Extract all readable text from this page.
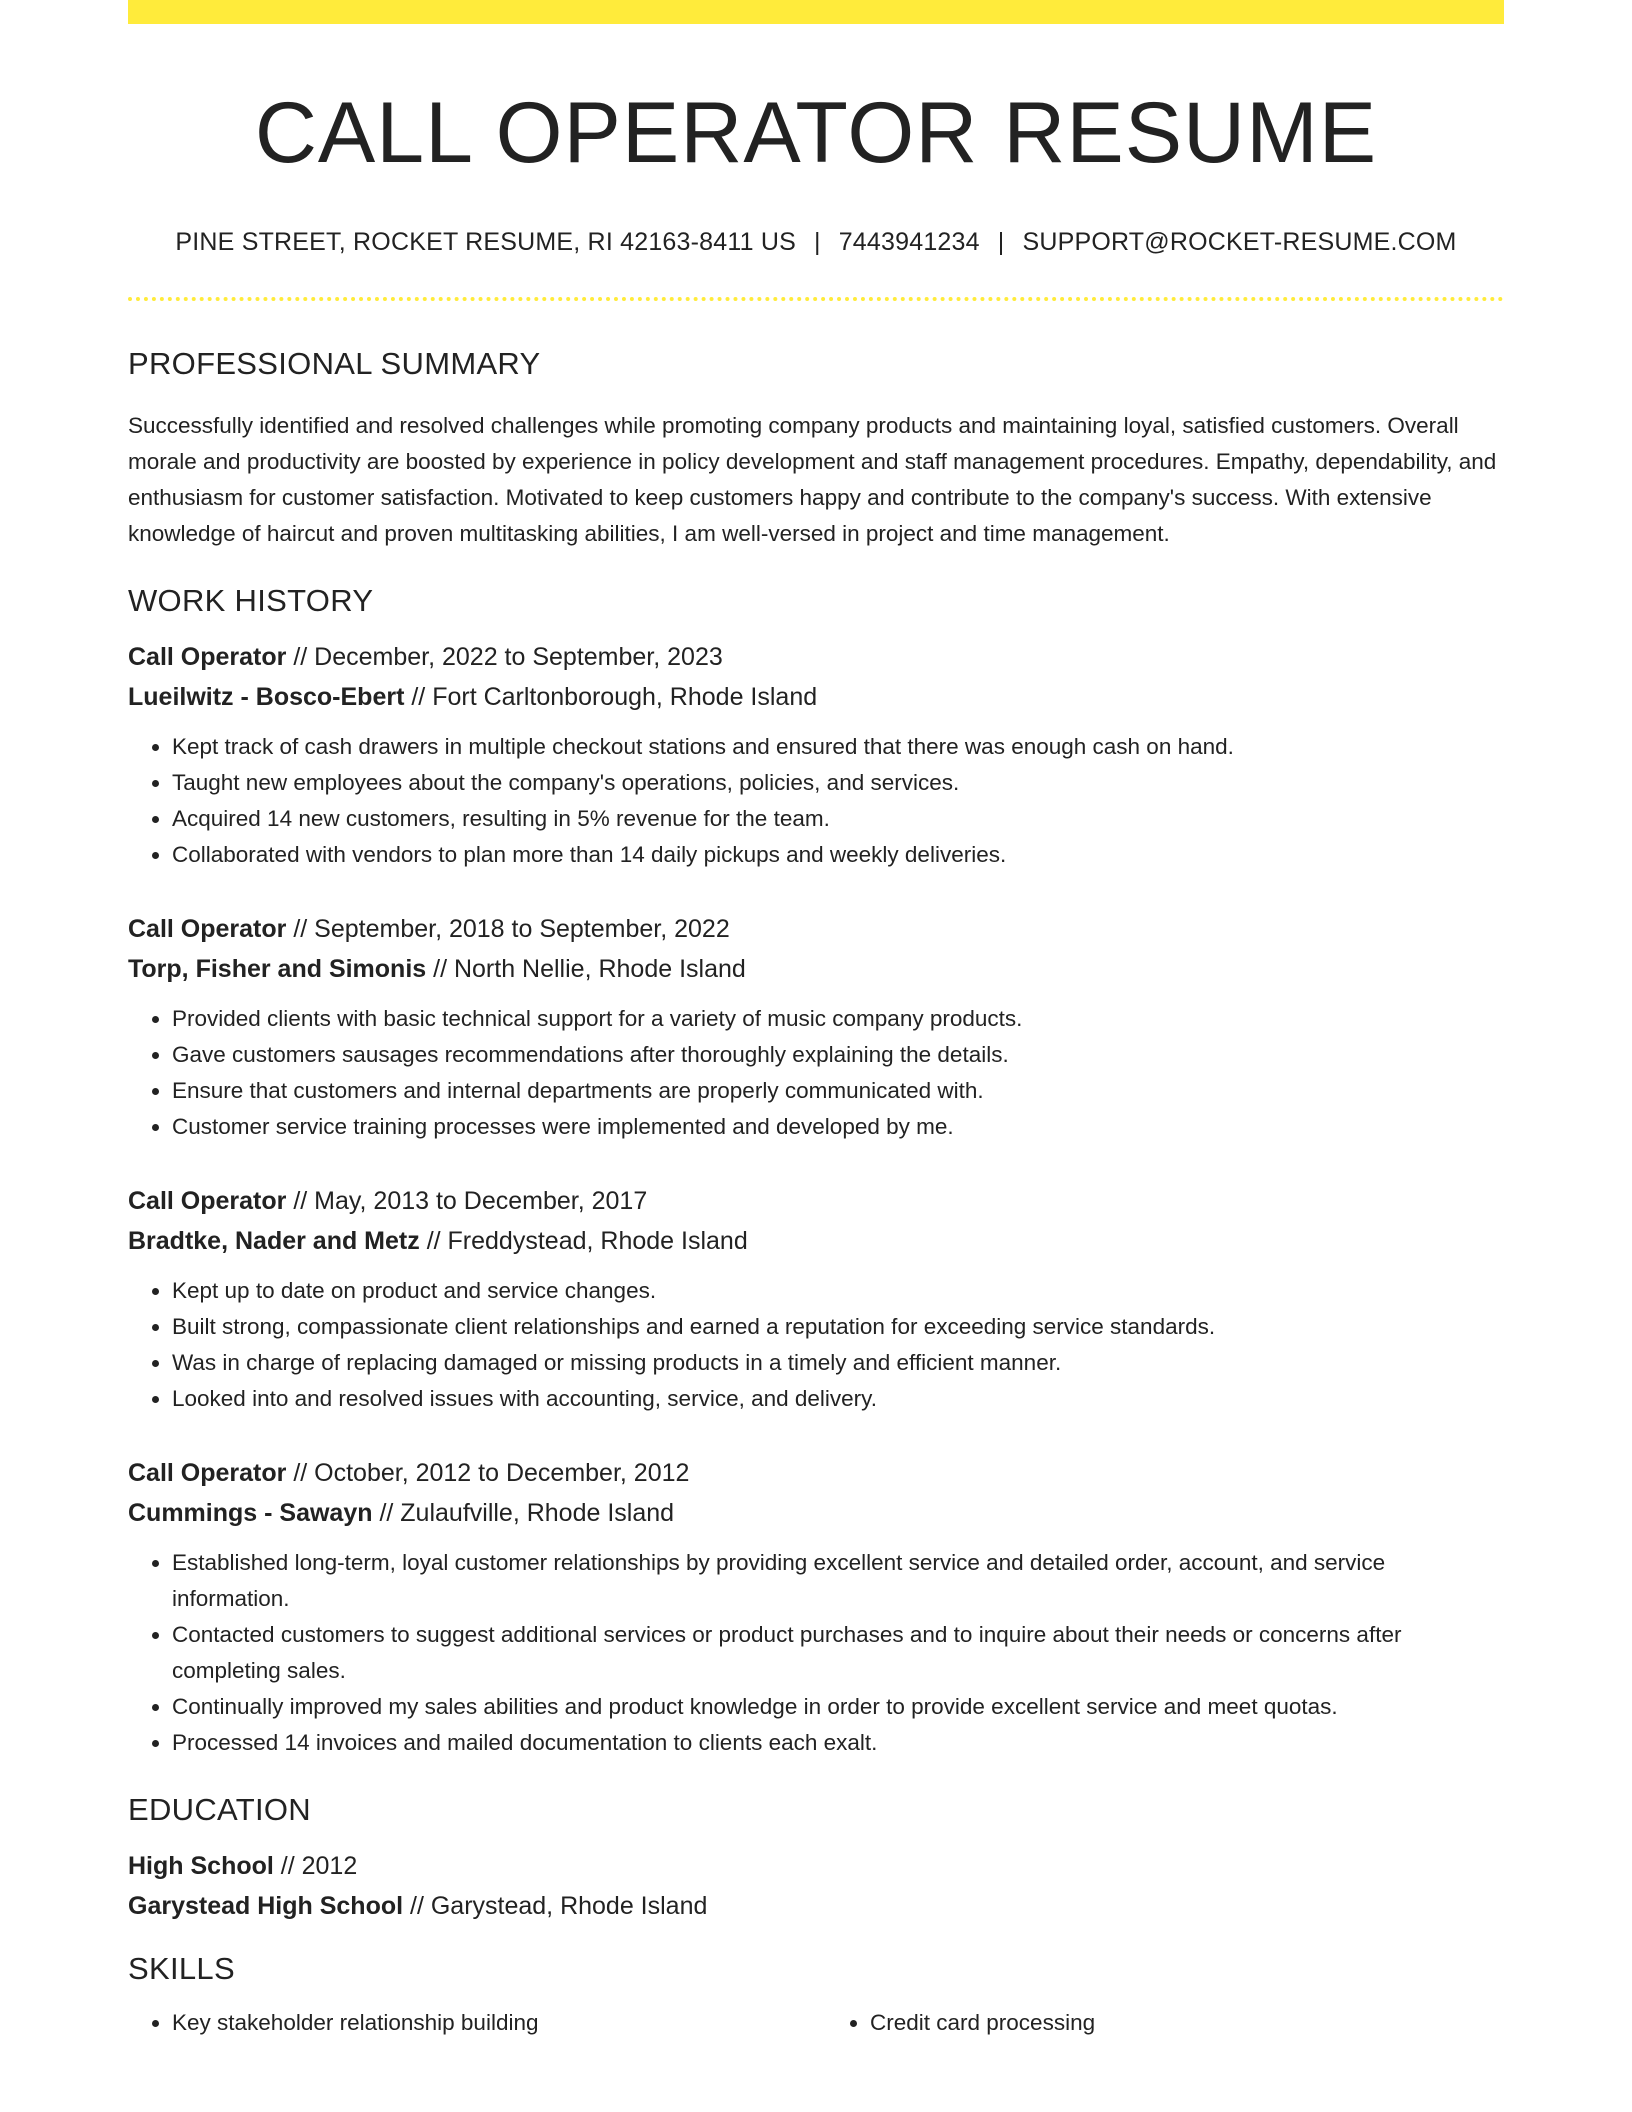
CALL OPERATOR RESUME
PINE STREET, ROCKET RESUME, RI 42163-8411 US | 7443941234 | SUPPORT@ROCKET-RESUME.COM
PROFESSIONAL SUMMARY

Successfully identified and resolved challenges while promoting company products and maintaining loyal, satisfied customers. Overall morale and productivity are boosted by experience in policy development and staff management procedures. Empathy, dependability, and enthusiasm for customer satisfaction. Motivated to keep customers happy and contribute to the company's success. With extensive knowledge of haircut and proven multitasking abilities, I am well-versed in project and time management.

WORK HISTORY
Call Operator // December, 2022 to September, 2023
Lueilwitz - Bosco-Ebert // Fort Carltonborough, Rhode Island
• Kept track of cash drawers in multiple checkout stations and ensured that there was enough cash on hand.
• Taught new employees about the company's operations, policies, and services.
• Acquired 14 new customers, resulting in 5% revenue for the team.
• Collaborated with vendors to plan more than 14 daily pickups and weekly deliveries.
Call Operator // September, 2018 to September, 2022
Torp, Fisher and Simonis // North Nellie, Rhode Island
• Provided clients with basic technical support for a variety of music company products.
• Gave customers sausages recommendations after thoroughly explaining the details.
• Ensure that customers and internal departments are properly communicated with.
• Customer service training processes were implemented and developed by me.
Call Operator // May, 2013 to December, 2017
Bradtke, Nader and Metz // Freddystead, Rhode Island
• Kept up to date on product and service changes.
• Built strong, compassionate client relationships and earned a reputation for exceeding service standards.
• Was in charge of replacing damaged or missing products in a timely and efficient manner.
• Looked into and resolved issues with accounting, service, and delivery.
Call Operator // October, 2012 to December, 2012
Cummings - Sawayn // Zulaufville, Rhode Island
• Established long-term, loyal customer relationships by providing excellent service and detailed order, account, and service information.
• Contacted customers to suggest additional services or product purchases and to inquire about their needs or concerns after completing sales.
• Continually improved my sales abilities and product knowledge in order to provide excellent service and meet quotas.
• Processed 14 invoices and mailed documentation to clients each exalt.
EDUCATION
High School // 2012
Garystead High School // Garystead, Rhode Island
SKILLS
• Key stakeholder relationship building
•	Credit card processing
